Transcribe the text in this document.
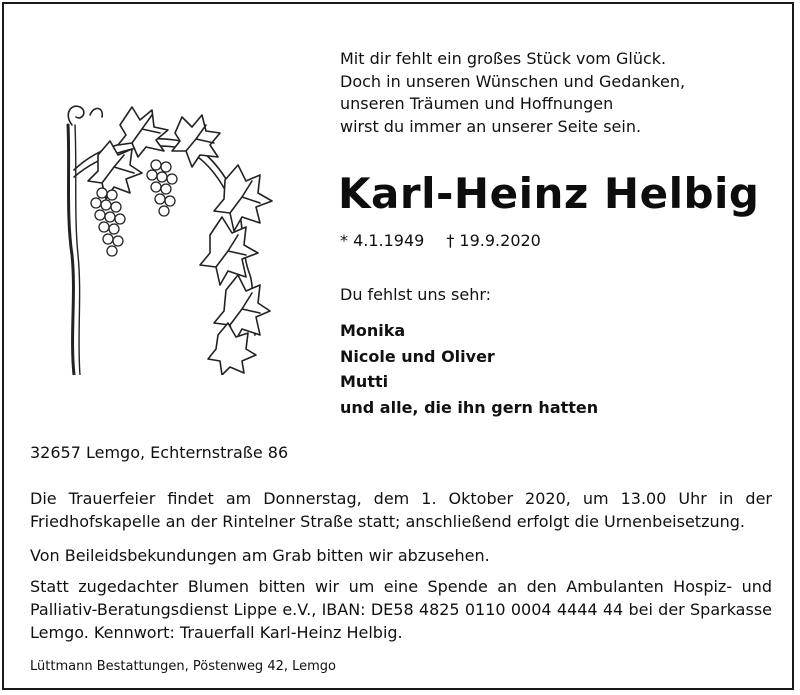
Mit dir fehlt ein großes Stück vom Glück.
Doch in unseren Wünschen und Gedanken,
unseren Träumen und Hoffnungen
wirst du immer an unserer Seite sein.
Karl-Heinz Helbig
* 4.1.1949 † 19.9.2020
Du fehlst uns sehr:
Monika
Nicole und Oliver
Mutti
und alle, die ihn gern hatten
32657 Lemgo, Echternstraße 86
Die Trauerfeier findet am Donnerstag, dem 1. Oktober 2020, um 13.00 Uhr in der Friedhofskapelle an der Rintelner Straße statt; anschließend erfolgt die Urnenbeisetzung.
Von Beileidsbekundungen am Grab bitten wir abzusehen.
Statt zugedachter Blumen bitten wir um eine Spende an den Ambulanten Hospiz- und Palliativ-Beratungsdienst Lippe e.V., IBAN: DE58 4825 0110 0004 4444 44 bei der Sparkasse Lemgo. Kennwort: Trauerfall Karl-Heinz Helbig.
Lüttmann Bestattungen, Pöstenweg 42, Lemgo
